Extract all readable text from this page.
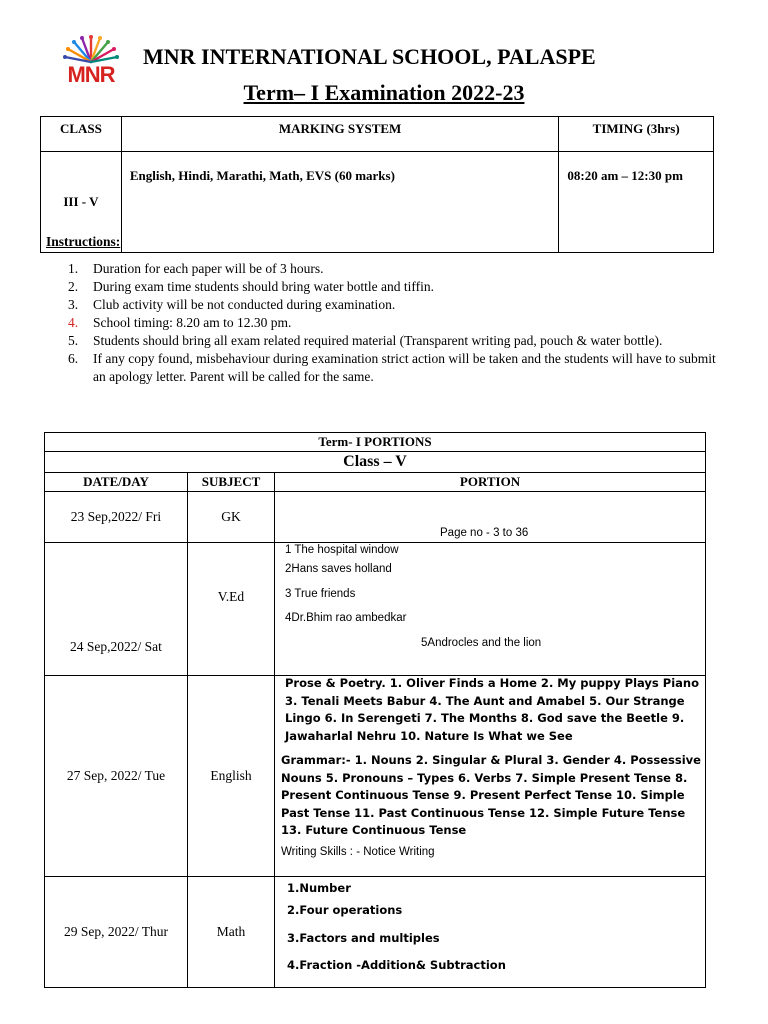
MNR
MNR INTERNATIONAL SCHOOL, PALASPE
Term– I Examination 2022-23
CLASS	MARKING SYSTEM	TIMING (3hrs)
III - V	English, Hindi, Marathi, Math, EVS (60 marks)	08:20 am – 12:30 pm
Instructions:
1. Duration for each paper will be of 3 hours.
2. During exam time students should bring water bottle and tiffin.
3. Club activity will be not conducted during examination.
4. School timing: 8.20 am to 12.30 pm.
5. Students should bring all exam related required material (Transparent writing pad, pouch & water bottle).
6. If any copy found, misbehaviour during examination strict action will be taken and the students will have to submit an apology letter. Parent will be called for the same.
Term- I PORTIONS		
Class – V		
DATE/DAY	SUBJECT	PORTION
23 Sep,2022/ Fri	GK	Page no - 3 to 36

24 Sep,2022/ Sat	V.Ed	1 The hospital window
2Hans saves holland
3 True friends
4Dr.Bhim rao ambedkar
5Androcles and the lion

27 Sep, 2022/ Tue	English	Prose & Poetry. 1. Oliver Finds a Home 2. My puppy Plays Piano 3. Tenali Meets Babur 4. The Aunt and Amabel 5. Our Strange Lingo 6. In Serengeti 7. The Months 8. God save the Beetle 9. Jawaharlal Nehru 10. Nature Is What we See
Grammar:- 1. Nouns 2. Singular & Plural 3. Gender 4. Possessive Nouns 5. Pronouns – Types 6. Verbs 7. Simple Present Tense 8. Present Continuous Tense 9. Present Perfect Tense 10. Simple Past Tense 11. Past Continuous Tense 12. Simple Future Tense 13. Future Continuous Tense
Writing Skills : - Notice Writing

29 Sep, 2022/ Thur	Math	1.Number
2.Four operations
3.Factors and multiples
4.Fraction -Addition& Subtraction
